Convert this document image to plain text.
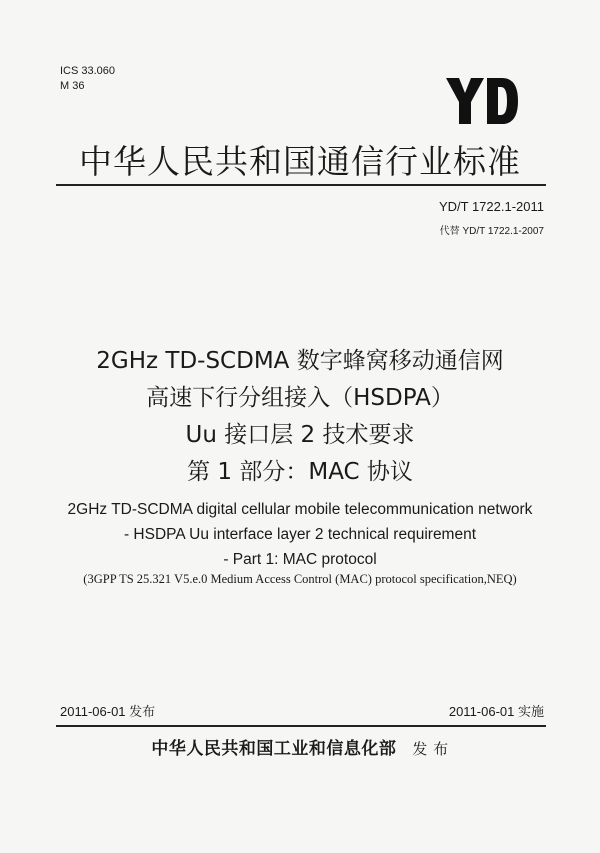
ICS 33.060
M 36
中华人民共和国通信行业标准
YD/T 1722.1-2011
代替 YD/T 1722.1-2007
2GHz TD-SCDMA 数字蜂窝移动通信网
高速下行分组接入（HSDPA）
Uu 接口层 2 技术要求
第 1 部分：MAC 协议
2GHz TD-SCDMA digital cellular mobile telecommunication network
- HSDPA Uu interface layer 2 technical requirement
- Part 1: MAC protocol
(3GPP TS 25.321 V5.e.0 Medium Access Control (MAC) protocol specification,NEQ)
2011-06-01 发布	2011-06-01 实施
中华人民共和国工业和信息化部 发 布
